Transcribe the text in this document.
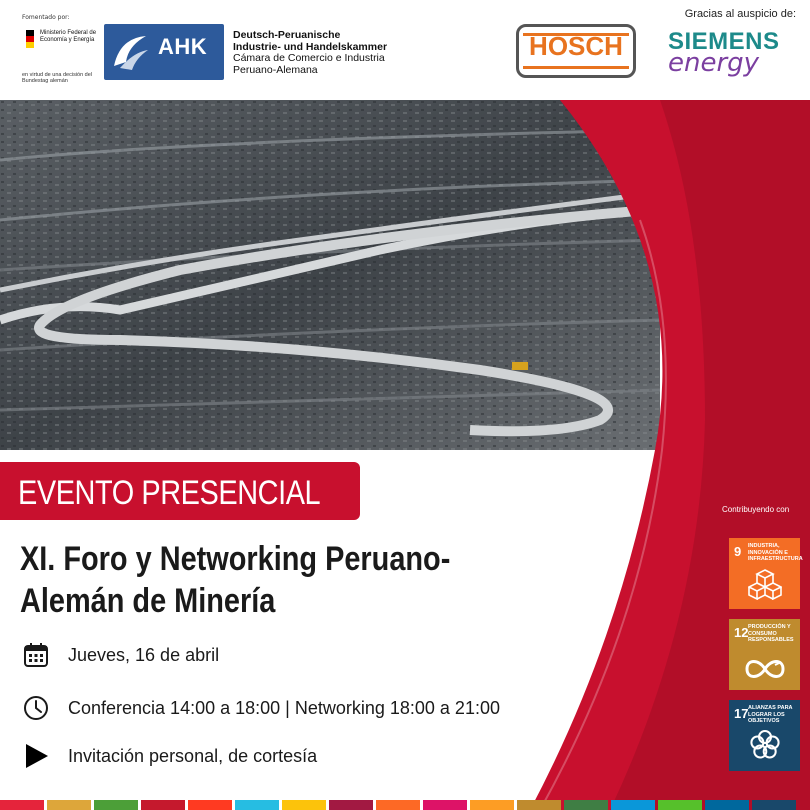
Fomentado por:
Ministerio Federal de Economía y Energía
en virtud de una decisión del Bundestag alemán
AHK Deutsch-Peruanische
Industrie- und Handelskammer
Cámara de Comercio e Industria
Peruano-Alemana
HOSCH
Gracias al auspicio de:
SIEMENS
energy
EVENTO PRESENCIAL
XI. Foro y Networking Peruano-
Alemán de Minería
Jueves, 16 de abril
Conferencia 14:00 a 18:00 | Networking 18:00 a 21:00
Invitación personal, de cortesía
Contribuyendo con
9 INDUSTRIA, INNOVACIÓN E INFRAESTRUCTURA
12 PRODUCCIÓN Y CONSUMO RESPONSABLES
17 ALIANZAS PARA LOGRAR LOS OBJETIVOS
